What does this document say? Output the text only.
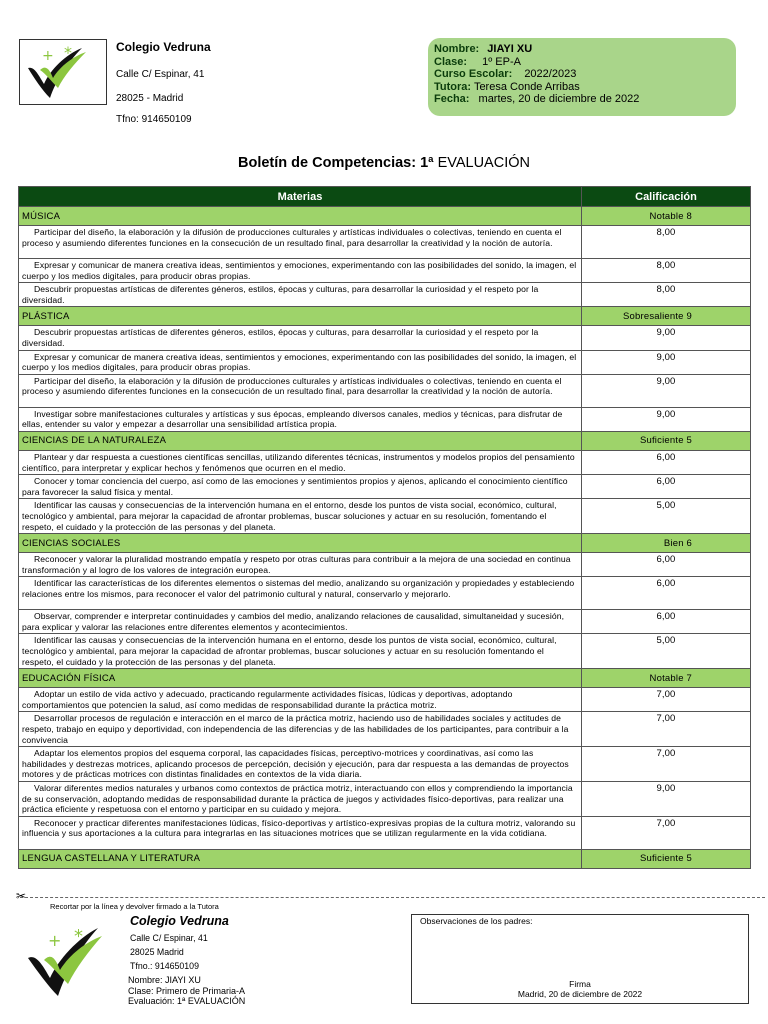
+ *	Colegio Vedruna
Calle C/ Espinar, 41
28025 - Madrid
Tfno: 914650109
Nombre: JIAYI XU
Clase: 1º EP-A
Curso Escolar: 2022/2023
Tutora: Teresa Conde Arribas
Fecha: martes, 20 de diciembre de 2022
Boletín de Competencias: 1ª EVALUACIÓN
Materias	Calificación
MÚSICA	Notable 8
Participar del diseño, la elaboración y la difusión de producciones culturales y artísticas individuales o colectivas, teniendo en cuenta el proceso y asumiendo diferentes funciones en la consecución de un resultado final, para desarrollar la creatividad y la noción de autoría.	8,00
Expresar y comunicar de manera creativa ideas, sentimientos y emociones, experimentando con las posibilidades del sonido, la imagen, el cuerpo y los medios digitales, para producir obras propias.	8,00
Descubrir propuestas artísticas de diferentes géneros, estilos, épocas y culturas, para desarrollar la curiosidad y el respeto por la diversidad.	8,00
PLÁSTICA	Sobresaliente 9
Descubrir propuestas artísticas de diferentes géneros, estilos, épocas y culturas, para desarrollar la curiosidad y el respeto por la diversidad.	9,00
Expresar y comunicar de manera creativa ideas, sentimientos y emociones, experimentando con las posibilidades del sonido, la imagen, el cuerpo y los medios digitales, para producir obras propias.	9,00
Participar del diseño, la elaboración y la difusión de producciones culturales y artísticas individuales o colectivas, teniendo en cuenta el proceso y asumiendo diferentes funciones en la consecución de un resultado final, para desarrollar la creatividad y la noción de autoría.	9,00
Investigar sobre manifestaciones culturales y artísticas y sus épocas, empleando diversos canales, medios y técnicas, para disfrutar de ellas, entender su valor y empezar a desarrollar una sensibilidad artística propia.	9,00
CIENCIAS DE LA NATURALEZA	Suficiente 5
Plantear y dar respuesta a cuestiones científicas sencillas, utilizando diferentes técnicas, instrumentos y modelos propios del pensamiento científico, para interpretar y explicar hechos y fenómenos que ocurren en el medio.	6,00
Conocer y tomar conciencia del cuerpo, así como de las emociones y sentimientos propios y ajenos, aplicando el conocimiento científico para favorecer la salud física y mental.	6,00
Identificar las causas y consecuencias de la intervención humana en el entorno, desde los puntos de vista social, económico, cultural, tecnológico y ambiental, para mejorar la capacidad de afrontar problemas, buscar soluciones y actuar en su resolución, fomentando el respeto, el cuidado y la protección de las personas y del planeta.	5,00
CIENCIAS SOCIALES	Bien 6
Reconocer y valorar la pluralidad mostrando empatía y respeto por otras culturas para contribuir a la mejora de una sociedad en continua transformación y al logro de los valores de integración europea.	6,00
Identificar las características de los diferentes elementos o sistemas del medio, analizando su organización y propiedades y estableciendo relaciones entre los mismos, para reconocer el valor del patrimonio cultural y natural, conservarlo y mejorarlo.	6,00
Observar, comprender e interpretar continuidades y cambios del medio, analizando relaciones de causalidad, simultaneidad y sucesión, para explicar y valorar las relaciones entre diferentes elementos y acontecimientos.	6,00
Identificar las causas y consecuencias de la intervención humana en el entorno, desde los puntos de vista social, económico, cultural, tecnológico y ambiental, para mejorar la capacidad de afrontar problemas, buscar soluciones y actuar en su resolución fomentando el respeto, el cuidado y la protección de las personas y del planeta.	5,00
EDUCACIÓN FÍSICA	Notable 7
Adoptar un estilo de vida activo y adecuado, practicando regularmente actividades físicas, lúdicas y deportivas, adoptando comportamientos que potencien la salud, así como medidas de responsabilidad durante la práctica motriz.	7,00
Desarrollar procesos de regulación e interacción en el marco de la práctica motriz, haciendo uso de habilidades sociales y actitudes de respeto, trabajo en equipo y deportividad, con independencia de las diferencias y de las habilidades de los participantes, para contribuir a la convivencia	7,00
Adaptar los elementos propios del esquema corporal, las capacidades físicas, perceptivo-motrices y coordinativas, así como las habilidades y destrezas motrices, aplicando procesos de percepción, decisión y ejecución, para dar respuesta a las demandas de proyectos motores y de prácticas motrices con distintas finalidades en contextos de la vida diaria.	7,00
Valorar diferentes medios naturales y urbanos como contextos de práctica motriz, interactuando con ellos y comprendiendo la importancia de su conservación, adoptando medidas de responsabilidad durante la práctica de juegos y actividades físico-deportivas, para realizar una práctica eficiente y respetuosa con el entorno y participar en su cuidado y mejora.	9,00
Reconocer y practicar diferentes manifestaciones lúdicas, físico-deportivas y artístico-expresivas propias de la cultura motriz, valorando su influencia y sus aportaciones a la cultura para integrarlas en las situaciones motrices que se utilizan regularmente en la vida cotidiana.	7,00
LENGUA CASTELLANA Y LITERATURA	Suficiente 5
✂
Recortar por la línea y devolver firmado a la Tutora
+ *
Colegio Vedruna
Calle C/ Espinar, 41
28025 Madrid
Tfno.: 914650109
Nombre: JIAYI XU
Clase: Primero de Primaria-A
Evaluación: 1ª EVALUACIÓN
Observaciones de los padres:
Firma
Madrid, 20 de diciembre de 2022
